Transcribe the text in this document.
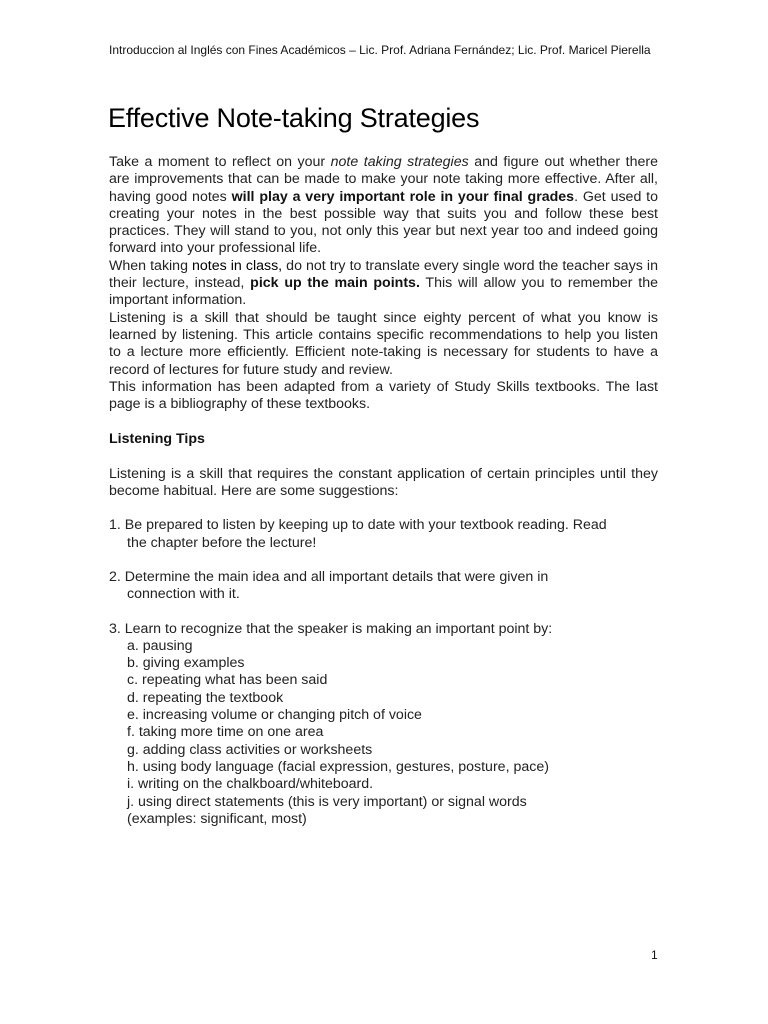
Introduccion al Inglés con Fines Académicos – Lic. Prof. Adriana Fernández; Lic. Prof. Maricel Pierella
Effective Note-taking Strategies

Take a moment to reflect on your note taking strategies and figure out whether there are improvements that can be made to make your note taking more effective. After all, having good notes will play a very important role in your final grades. Get used to creating your notes in the best possible way that suits you and follow these best practices. They will stand to you, not only this year but next year too and indeed going forward into your professional life.

When taking notes in class, do not try to translate every single word the teacher says in their lecture, instead, pick up the main points. This will allow you to remember the important information.

Listening is a skill that should be taught since eighty percent of what you know is learned by listening. This article contains specific recommendations to help you listen to a lecture more efficiently. Efficient note-taking is necessary for students to have a record of lectures for future study and review.

This information has been adapted from a variety of Study Skills textbooks. The last page is a bibliography of these textbooks.

Listening Tips

Listening is a skill that requires the constant application of certain principles until they become habitual. Here are some suggestions:

1. Be prepared to listen by keeping up to date with your textbook reading. Read

the chapter before the lecture!

2. Determine the main idea and all important details that were given in

connection with it.
3. Learn to recognize that the speaker is making an important point by:
a. pausing
b. giving examples
c. repeating what has been said
d. repeating the textbook
e. increasing volume or changing pitch of voice
f. taking more time on one area
g. adding class activities or worksheets
h. using body language (facial expression, gestures, posture, pace)
i. writing on the chalkboard/whiteboard.
j. using direct statements (this is very important) or signal words
(examples: significant, most)
1
